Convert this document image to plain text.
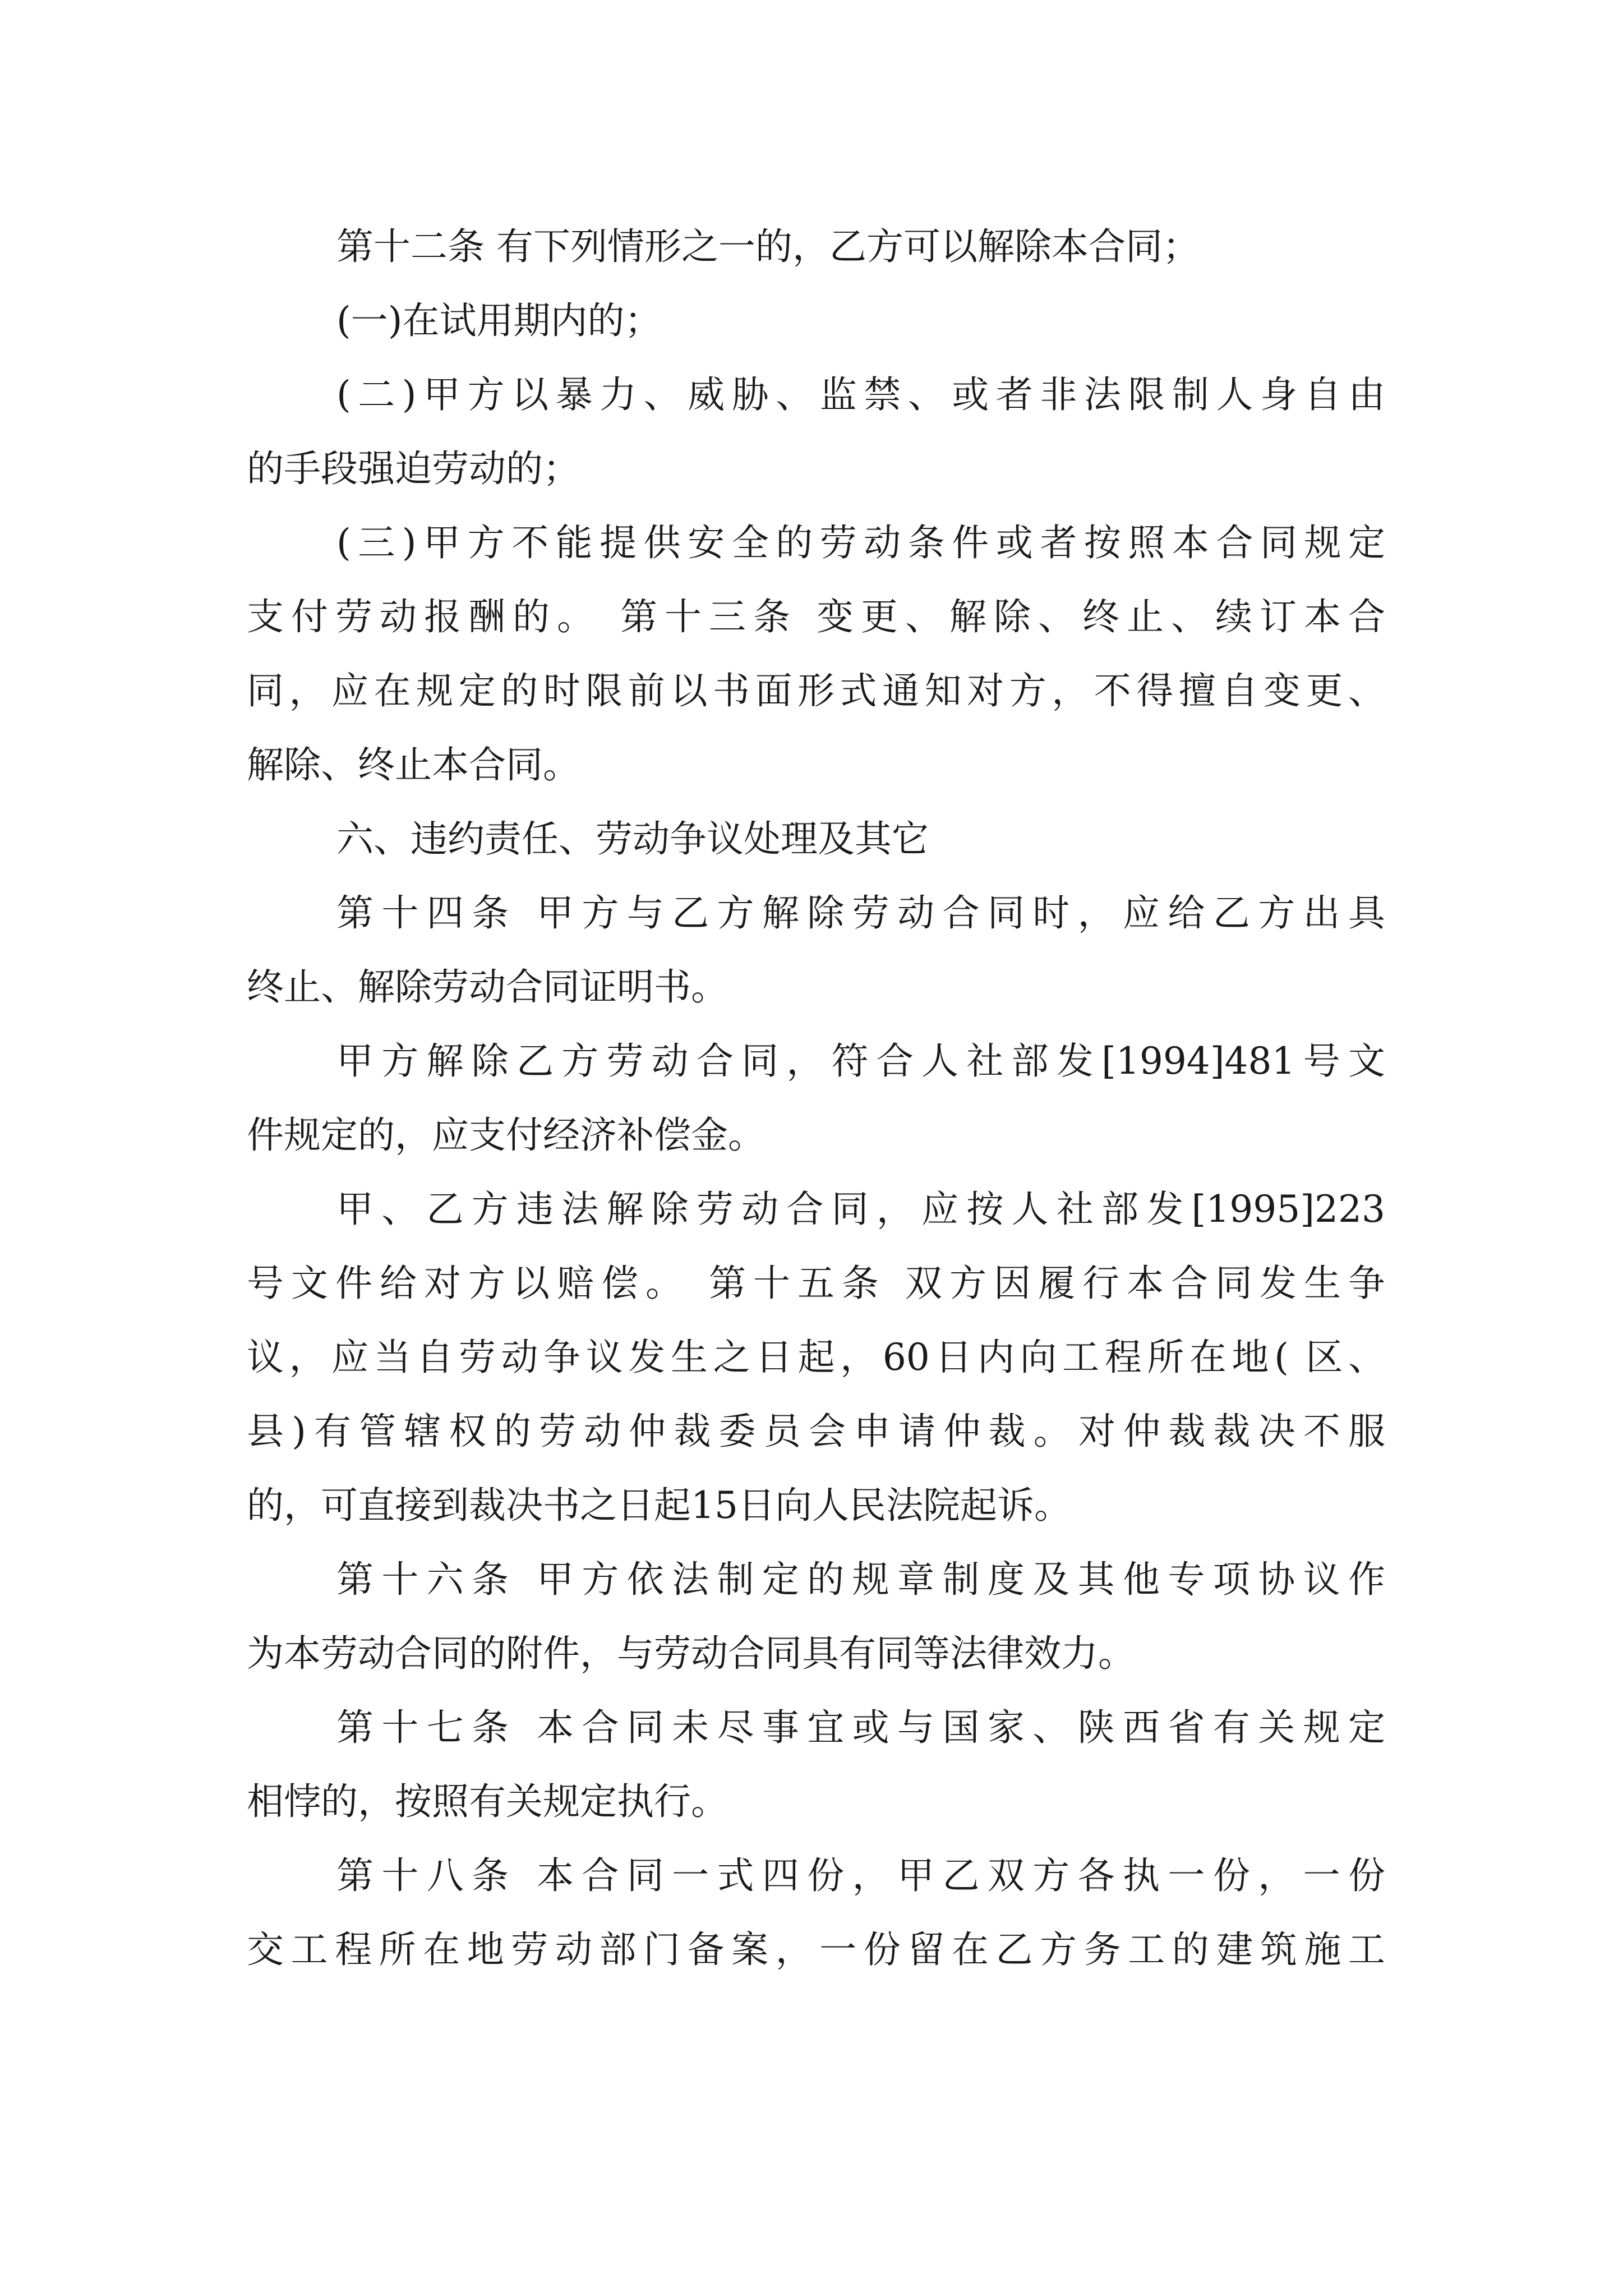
第十二条 有下列情形之一的，乙方可以解除本合同；
(一)在试用期内的；
(二)甲方以暴力、威胁、监禁、或者非法限制人身自由
的手段强迫劳动的；
(三)甲方不能提供安全的劳动条件或者按照本合同规定
支付劳动报酬的。 第十三条 变更、解除、终止、续订本合
同，应在规定的时限前以书面形式通知对方，不得擅自变更、
解除、终止本合同。
六、违约责任、劳动争议处理及其它
第十四条 甲方与乙方解除劳动合同时，应给乙方出具
终止、解除劳动合同证明书。
甲方解除乙方劳动合同，符合人社部发[1994]481号文
件规定的，应支付经济补偿金。
甲、乙方违法解除劳动合同，应按人社部发[1995]223
号文件给对方以赔偿。 第十五条 双方因履行本合同发生争
议，应当自劳动争议发生之日起，60日内向工程所在地( 区、
县)有管辖权的劳动仲裁委员会申请仲裁。对仲裁裁决不服
的，可直接到裁决书之日起15日向人民法院起诉。
第十六条 甲方依法制定的规章制度及其他专项协议作
为本劳动合同的附件，与劳动合同具有同等法律效力。
第十七条 本合同未尽事宜或与国家、陕西省有关规定
相悖的，按照有关规定执行。
第十八条 本合同一式四份，甲乙双方各执一份，一份
交工程所在地劳动部门备案，一份留在乙方务工的建筑施工
